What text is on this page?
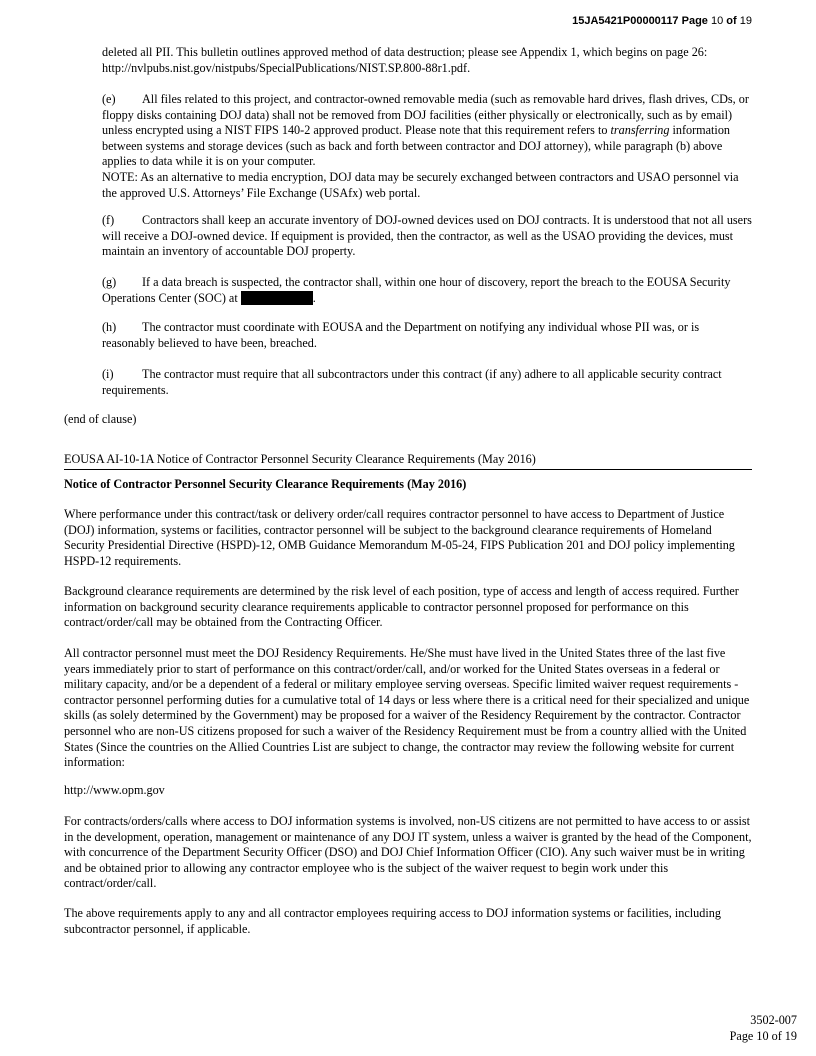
15JA5421P00000117 Page 10 of 19

deleted all PII. This bulletin outlines approved method of data destruction; please see Appendix 1, which begins on page 26:

http://nvlpubs.nist.gov/nistpubs/SpecialPublications/NIST.SP.800-88r1.pdf.

(e) All files related to this project, and contractor-owned removable media (such as removable hard drives, flash drives, CDs, or floppy disks containing DOJ data) shall not be removed from DOJ facilities (either physically or electronically, such as by email) unless encrypted using a NIST FIPS 140-2 approved product. Please note that this requirement refers to transferring information between systems and storage devices (such as back and forth between contractor and DOJ attorney), while paragraph (b) above applies to data while it is on your computer.

NOTE: As an alternative to media encryption, DOJ data may be securely exchanged between contractors and USAO personnel via the approved U.S. Attorneys’ File Exchange (USAfx) web portal.

(f) Contractors shall keep an accurate inventory of DOJ-owned devices used on DOJ contracts. It is understood that not all users will receive a DOJ-owned device. If equipment is provided, then the contractor, as well as the USAO providing the devices, must maintain an inventory of accountable DOJ property.

(g) If a data breach is suspected, the contractor shall, within one hour of discovery, report the breach to the EOUSA Security Operations Center (SOC) at	.

(h) The contractor must coordinate with EOUSA and the Department on notifying any individual whose PII was, or is reasonably believed to have been, breached.

(i) The contractor must require that all subcontractors under this contract (if any) adhere to all applicable security contract requirements.

(end of clause)
EOUSA AI-10-1A Notice of Contractor Personnel Security Clearance Requirements (May 2016)
Notice of Contractor Personnel Security Clearance Requirements (May 2016)
Where performance under this contract/task or delivery order/call requires contractor personnel to have access to Department of Justice (DOJ) information, systems or facilities, contractor personnel will be subject to the background clearance requirements of Homeland Security Presidential Directive (HSPD)-12, OMB Guidance Memorandum M-05-24, FIPS Publication 201 and DOJ policy implementing HSPD-12 requirements.
Background clearance requirements are determined by the risk level of each position, type of access and length of access required. Further information on background security clearance requirements applicable to contractor personnel proposed for performance on this contract/order/call may be obtained from the Contracting Officer.
All contractor personnel must meet the DOJ Residency Requirements. He/She must have lived in the United States three of the last five years immediately prior to start of performance on this contract/order/call, and/or worked for the United States overseas in a federal or military capacity, and/or be a dependent of a federal or military employee serving overseas. Specific limited waiver request requirements - contractor personnel performing duties for a cumulative total of 14 days or less where there is a critical need for their specialized and unique skills (as solely determined by the Government) may be proposed for a waiver of the Residency Requirement by the contractor. Contractor personnel who are non-US citizens proposed for such a waiver of the Residency Requirement must be from a country allied with the United States (Since the countries on the Allied Countries List are subject to change, the contractor may review the following website for current information:
http://www.opm.gov
For contracts/orders/calls where access to DOJ information systems is involved, non-US citizens are not permitted to have access to or assist in the development, operation, management or maintenance of any DOJ IT system, unless a waiver is granted by the head of the Component, with concurrence of the Department Security Officer (DSO) and DOJ Chief Information Officer (CIO). Any such waiver must be in writing and be obtained prior to allowing any contractor employee who is the subject of the waiver request to begin work under this contract/order/call.
The above requirements apply to any and all contractor employees requiring access to DOJ information systems or facilities, including subcontractor personnel, if applicable.
3502-007
Page 10 of 19
